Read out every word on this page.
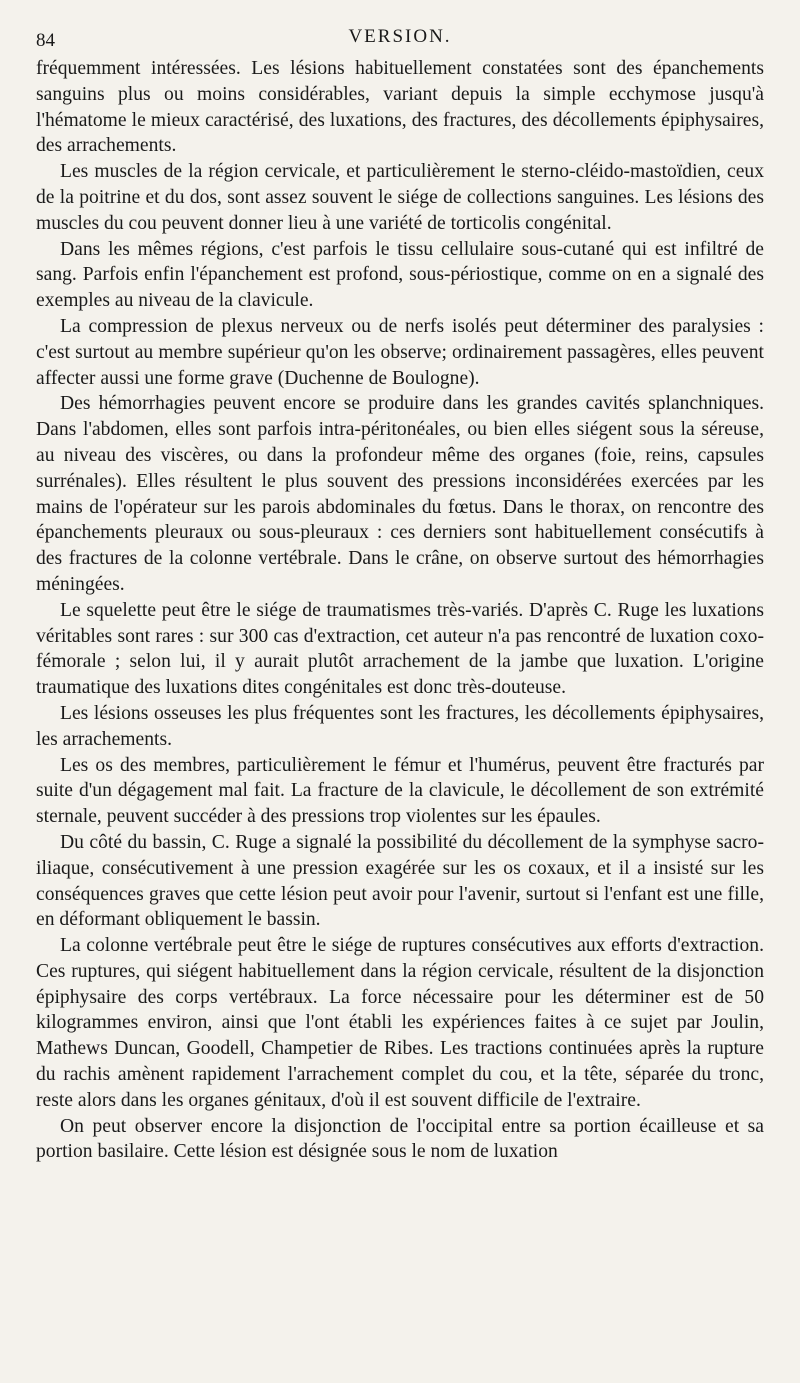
84	VERSION.

fréquemment intéressées. Les lésions habituellement constatées sont des épanchements sanguins plus ou moins considérables, variant depuis la simple ecchymose jusqu'à l'hématome le mieux caractérisé, des luxations, des fractures, des décollements épiphysaires, des arrachements.

Les muscles de la région cervicale, et particulièrement le sterno-cléido-mastoïdien, ceux de la poitrine et du dos, sont assez souvent le siége de collections sanguines. Les lésions des muscles du cou peuvent donner lieu à une variété de torticolis congénital.

Dans les mêmes régions, c'est parfois le tissu cellulaire sous-cutané qui est infiltré de sang. Parfois enfin l'épanchement est profond, sous-périostique, comme on en a signalé des exemples au niveau de la clavicule.

La compression de plexus nerveux ou de nerfs isolés peut déterminer des paralysies : c'est surtout au membre supérieur qu'on les observe; ordinairement passagères, elles peuvent affecter aussi une forme grave (Duchenne de Boulogne).

Des hémorrhagies peuvent encore se produire dans les grandes cavités splanchniques. Dans l'abdomen, elles sont parfois intra-péritonéales, ou bien elles siégent sous la séreuse, au niveau des viscères, ou dans la profondeur même des organes (foie, reins, capsules surrénales). Elles résultent le plus souvent des pressions inconsidérées exercées par les mains de l'opérateur sur les parois abdominales du fœtus. Dans le thorax, on rencontre des épanchements pleuraux ou sous-pleuraux : ces derniers sont habituellement consécutifs à des fractures de la colonne vertébrale. Dans le crâne, on observe surtout des hémorrhagies méningées.

Le squelette peut être le siége de traumatismes très-variés. D'après C. Ruge les luxations véritables sont rares : sur 300 cas d'extraction, cet auteur n'a pas rencontré de luxation coxo-fémorale ; selon lui, il y aurait plutôt arrachement de la jambe que luxation. L'origine traumatique des luxations dites congénitales est donc très-douteuse.

Les lésions osseuses les plus fréquentes sont les fractures, les décollements épiphysaires, les arrachements.

Les os des membres, particulièrement le fémur et l'humérus, peuvent être fracturés par suite d'un dégagement mal fait. La fracture de la clavicule, le décollement de son extrémité sternale, peuvent succéder à des pressions trop violentes sur les épaules.

Du côté du bassin, C. Ruge a signalé la possibilité du décollement de la symphyse sacro-iliaque, consécutivement à une pression exagérée sur les os coxaux, et il a insisté sur les conséquences graves que cette lésion peut avoir pour l'avenir, surtout si l'enfant est une fille, en déformant obliquement le bassin.

La colonne vertébrale peut être le siége de ruptures consécutives aux efforts d'extraction. Ces ruptures, qui siégent habituellement dans la région cervicale, résultent de la disjonction épiphysaire des corps vertébraux. La force nécessaire pour les déterminer est de 50 kilogrammes environ, ainsi que l'ont établi les expériences faites à ce sujet par Joulin, Mathews Duncan, Goodell, Champetier de Ribes. Les tractions continuées après la rupture du rachis amènent rapidement l'arrachement complet du cou, et la tête, séparée du tronc, reste alors dans les organes génitaux, d'où il est souvent difficile de l'extraire.

On peut observer encore la disjonction de l'occipital entre sa portion écailleuse et sa portion basilaire. Cette lésion est désignée sous le nom de luxation
